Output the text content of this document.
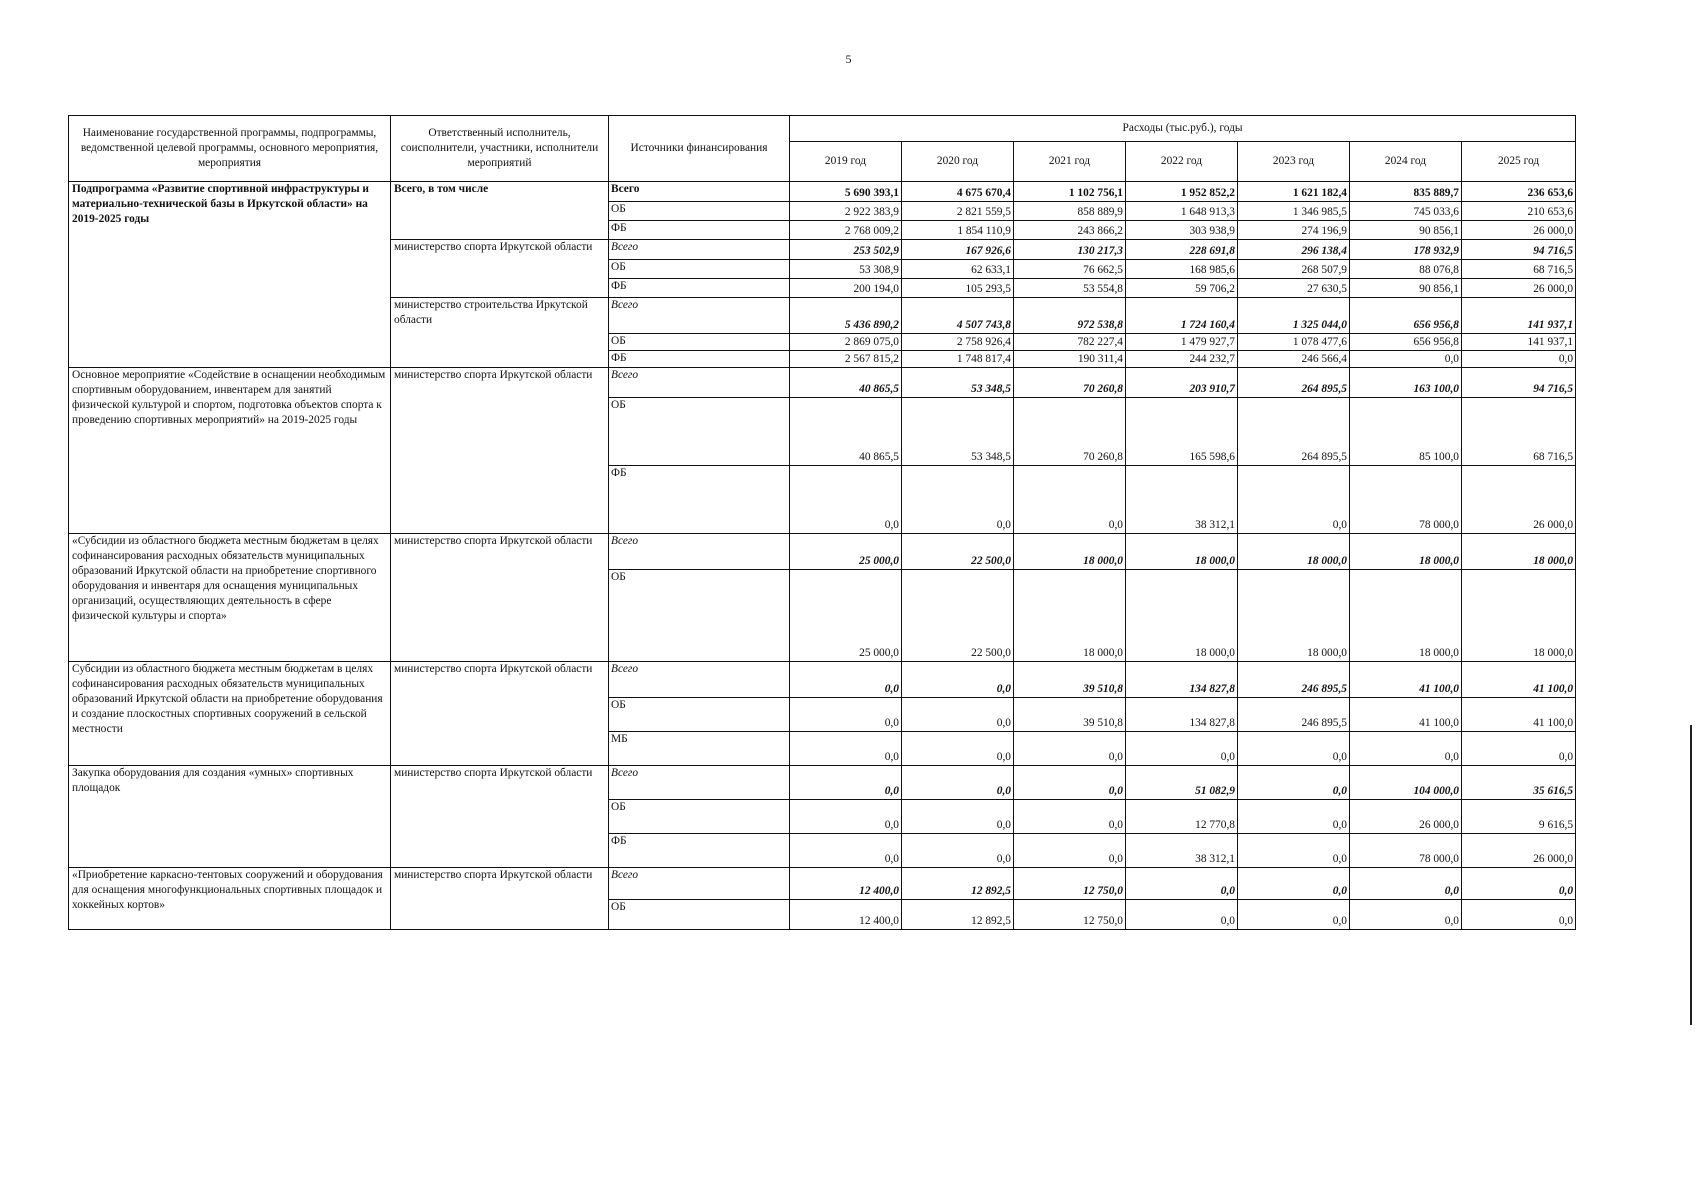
5
Наименование государственной программы, подпрограммы, ведомственной целевой программы, основного мероприятия, мероприятия	Ответственный исполнитель, соисполнители, участники, исполнители мероприятий	Источники финансирования	Расходы (тыс.руб.), годы						
			2019 год	2020 год	2021 год	2022 год	2023 год	2024 год	2025 год
Подпрограмма «Развитие спортивной инфраструктуры и материально-технической базы в Иркутской области» на 2019-2025 годы	Всего, в том числе	Всего	5 690 393,1	4 675 670,4	1 102 756,1	1 952 852,2	1 621 182,4	835 889,7	236 653,6
		ОБ	2 922 383,9	2 821 559,5	858 889,9	1 648 913,3	1 346 985,5	745 033,6	210 653,6
		ФБ	2 768 009,2	1 854 110,9	243 866,2	303 938,9	274 196,9	90 856,1	26 000,0
	министерство спорта Иркутской области	Всего	253 502,9	167 926,6	130 217,3	228 691,8	296 138,4	178 932,9	94 716,5
		ОБ	53 308,9	62 633,1	76 662,5	168 985,6	268 507,9	88 076,8	68 716,5
		ФБ	200 194,0	105 293,5	53 554,8	59 706,2	27 630,5	90 856,1	26 000,0
	министерство строительства Иркутской области	Всего	5 436 890,2	4 507 743,8	972 538,8	1 724 160,4	1 325 044,0	656 956,8	141 937,1
		ОБ	2 869 075,0	2 758 926,4	782 227,4	1 479 927,7	1 078 477,6	656 956,8	141 937,1
		ФБ	2 567 815,2	1 748 817,4	190 311,4	244 232,7	246 566,4	0,0	0,0
Основное мероприятие «Содействие в оснащении необходимым спортивным оборудованием, инвентарем для занятий физической культурой и спортом, подготовка объектов спорта к проведению спортивных мероприятий» на 2019-2025 годы	министерство спорта Иркутской области	Всего	40 865,5	53 348,5	70 260,8	203 910,7	264 895,5	163 100,0	94 716,5
		ОБ	40 865,5	53 348,5	70 260,8	165 598,6	264 895,5	85 100,0	68 716,5
		ФБ	0,0	0,0	0,0	38 312,1	0,0	78 000,0	26 000,0
«Субсидии из областного бюджета местным бюджетам в целях софинансирования расходных обязательств муниципальных образований Иркутской области на приобретение спортивного оборудования и инвентаря для оснащения муниципальных организаций, осуществляющих деятельность в сфере физической культуры и спорта»	министерство спорта Иркутской области	Всего	25 000,0	22 500,0	18 000,0	18 000,0	18 000,0	18 000,0	18 000,0
		ОБ	25 000,0	22 500,0	18 000,0	18 000,0	18 000,0	18 000,0	18 000,0
Субсидии из областного бюджета местным бюджетам в целях софинансирования расходных обязательств муниципальных образований Иркутской области на приобретение оборудования и создание плоскостных спортивных сооружений в сельской местности	министерство спорта Иркутской области	Всего	0,0	0,0	39 510,8	134 827,8	246 895,5	41 100,0	41 100,0
		ОБ	0,0	0,0	39 510,8	134 827,8	246 895,5	41 100,0	41 100,0
		МБ	0,0	0,0	0,0	0,0	0,0	0,0	0,0
Закупка оборудования для создания «умных» спортивных площадок	министерство спорта Иркутской области	Всего	0,0	0,0	0,0	51 082,9	0,0	104 000,0	35 616,5
		ОБ	0,0	0,0	0,0	12 770,8	0,0	26 000,0	9 616,5
		ФБ	0,0	0,0	0,0	38 312,1	0,0	78 000,0	26 000,0
«Приобретение каркасно-тентовых сооружений и оборудования для оснащения многофункциональных спортивных площадок и хоккейных кортов»	министерство спорта Иркутской области	Всего	12 400,0	12 892,5	12 750,0	0,0	0,0	0,0	0,0
		ОБ	12 400,0	12 892,5	12 750,0	0,0	0,0	0,0	0,0
